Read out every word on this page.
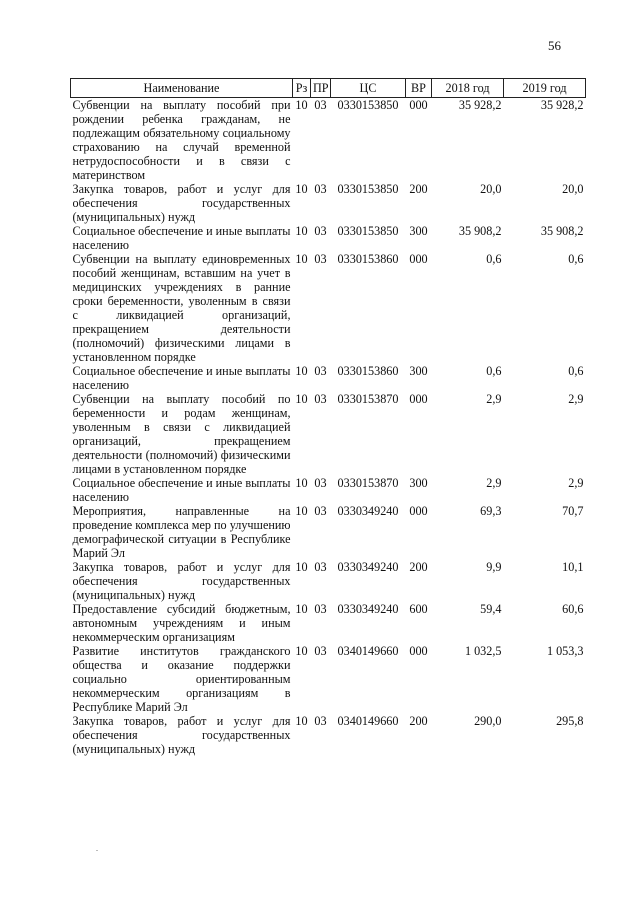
56
Наименование	Рз	ПР	ЦС	ВР	2018 год	2019 год
Субвенции на выплату пособий при рождении ребенка гражданам, не подлежащим обязательному социальному страхованию на случай временной нетрудоспособности и в связи с материнством	10	03	0330153850	000	35 928,2	35 928,2
Закупка товаров, работ и услуг для обеспечения государственных (муниципальных) нужд	10	03	0330153850	200	20,0	20,0
Социальное обеспечение и иные выплаты населению	10	03	0330153850	300	35 908,2	35 908,2
Субвенции на выплату единовременных пособий женщинам, вставшим на учет в медицинских учреждениях в ранние сроки беременности, уволенным в связи с ликвидацией организаций, прекращением деятельности (полномочий) физическими лицами в установленном порядке	10	03	0330153860	000	0,6	0,6
Социальное обеспечение и иные выплаты населению	10	03	0330153860	300	0,6	0,6
Субвенции на выплату пособий по беременности и родам женщинам, уволенным в связи с ликвидацией организаций, прекращением деятельности (полномочий) физическими лицами в установленном порядке	10	03	0330153870	000	2,9	2,9
Социальное обеспечение и иные выплаты населению	10	03	0330153870	300	2,9	2,9
Мероприятия, направленные на проведение комплекса мер по улучшению демографической ситуации в Республике Марий Эл	10	03	0330349240	000	69,3	70,7
Закупка товаров, работ и услуг для обеспечения государственных (муниципальных) нужд	10	03	0330349240	200	9,9	10,1
Предоставление субсидий бюджетным, автономным учреждениям и иным некоммерческим организациям	10	03	0330349240	600	59,4	60,6
Развитие институтов гражданского общества и оказание поддержки социально ориентированным некоммерческим организациям в Республике Марий Эл	10	03	0340149660	000	1 032,5	1 053,3
Закупка товаров, работ и услуг для обеспечения государственных (муниципальных) нужд	10	03	0340149660	200	290,0	295,8
